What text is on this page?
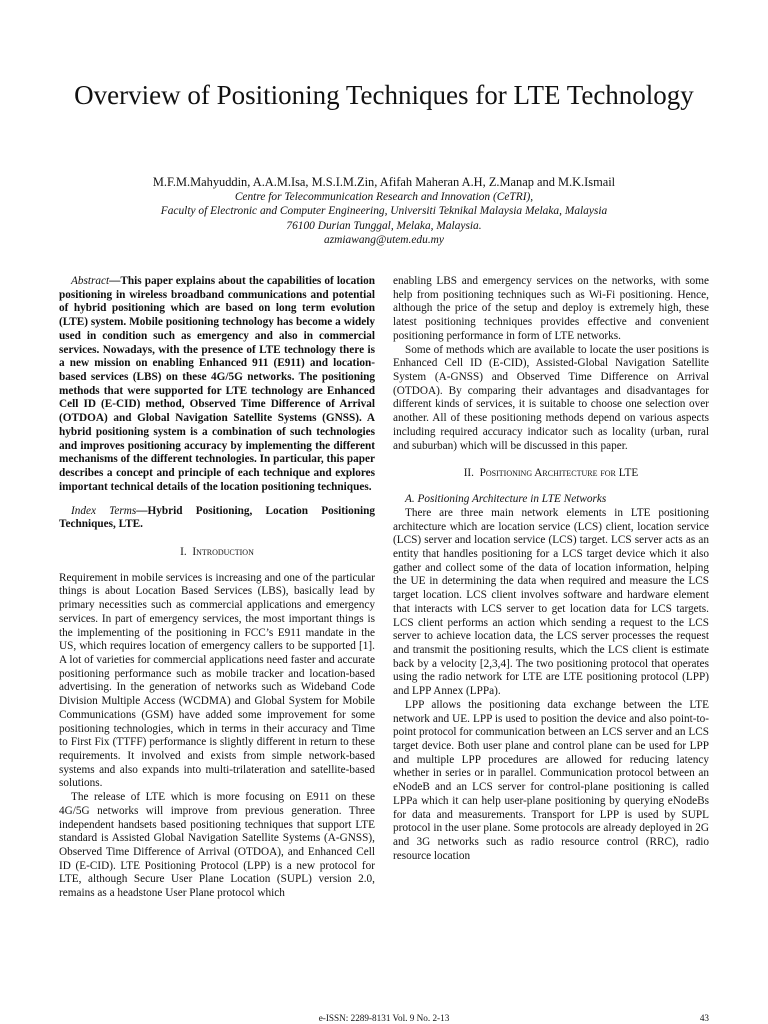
Overview of Positioning Techniques for LTE Technology
M.F.M.Mahyuddin, A.A.M.Isa, M.S.I.M.Zin, Afifah Maheran A.H, Z.Manap and M.K.Ismail
Centre for Telecommunication Research and Innovation (CeTRI),
Faculty of Electronic and Computer Engineering, Universiti Teknikal Malaysia Melaka, Malaysia
76100 Durian Tunggal, Melaka, Malaysia.
azmiawang@utem.edu.my

Abstract—This paper explains about the capabilities of location positioning in wireless broadband communications and potential of hybrid positioning which are based on long term evolution (LTE) system. Mobile positioning technology has become a widely used in condition such as emergency and also in commercial services. Nowadays, with the presence of LTE technology there is a new mission on enabling Enhanced 911 (E911) and location-based services (LBS) on these 4G/5G networks. The positioning methods that were supported for LTE technology are Enhanced Cell ID (E-CID) method, Observed Time Difference of Arrival (OTDOA) and Global Navigation Satellite Systems (GNSS). A hybrid positioning system is a combination of such technologies and improves positioning accuracy by implementing the different mechanisms of the different technologies. In particular, this paper describes a concept and principle of each technique and explores important technical details of the location positioning techniques.

Index Terms—Hybrid Positioning, Location Positioning Techniques, LTE.

I. Introduction

Requirement in mobile services is increasing and one of the particular things is about Location Based Services (LBS), basically lead by primary necessities such as commercial applications and emergency services. In part of emergency services, the most important things is the implementing of the positioning in FCC’s E911 mandate in the US, which requires location of emergency callers to be supported [1]. A lot of varieties for commercial applications need faster and accurate positioning performance such as mobile tracker and location-based advertising. In the generation of networks such as Wideband Code Division Multiple Access (WCDMA) and Global System for Mobile Communications (GSM) have added some improvement for some positioning technologies, which in terms in their accuracy and Time to First Fix (TTFF) performance is slightly different in return to these requirements. It involved and exists from simple network-based systems and also expands into multi-trilateration and satellite-based solutions.

The release of LTE which is more focusing on E911 on these 4G/5G networks will improve from previous generation. Three independent handsets based positioning techniques that support LTE standard is Assisted Global Navigation Satellite Systems (A-GNSS), Observed Time Difference of Arrival (OTDOA), and Enhanced Cell ID (E-CID). LTE Positioning Protocol (LPP) is a new protocol for LTE, although Secure User Plane Location (SUPL) version 2.0, remains as a headstone User Plane protocol which

enabling LBS and emergency services on the networks, with some help from positioning techniques such as Wi-Fi positioning. Hence, although the price of the setup and deploy is extremely high, these latest positioning techniques provides effective and convenient positioning performance in form of LTE networks.

Some of methods which are available to locate the user positions is Enhanced Cell ID (E-CID), Assisted-Global Navigation Satellite System (A-GNSS) and Observed Time Difference on Arrival (OTDOA). By comparing their advantages and disadvantages for different kinds of services, it is suitable to choose one selection over another. All of these positioning methods depend on various aspects including required accuracy indicator such as locality (urban, rural and suburban) which will be discussed in this paper.

II. Positioning Architecture for LTE

A. Positioning Architecture in LTE Networks

There are three main network elements in LTE positioning architecture which are location service (LCS) client, location service (LCS) server and location service (LCS) target. LCS server acts as an entity that handles positioning for a LCS target device which it also gather and collect some of the data of location information, helping the UE in determining the data when required and measure the LCS target location. LCS client involves software and hardware element that interacts with LCS server to get location data for LCS targets. LCS client performs an action which sending a request to the LCS server to achieve location data, the LCS server processes the request and transmit the positioning results, which the LCS client is estimate back by a velocity [2,3,4]. The two positioning protocol that operates using the radio network for LTE are LTE positioning protocol (LPP) and LPP Annex (LPPa).

LPP allows the positioning data exchange between the LTE network and UE. LPP is used to position the device and also point-to-point protocol for communication between an LCS server and an LCS target device. Both user plane and control plane can be used for LPP and multiple LPP procedures are allowed for reducing latency whether in series or in parallel. Communication protocol between an eNodeB and an LCS server for control-plane positioning is called LPPa which it can help user-plane positioning by querying eNodeBs for data and measurements. Transport for LPP is used by SUPL protocol in the user plane. Some protocols are already deployed in 2G and 3G networks such as radio resource control (RRC), radio resource location

e-ISSN: 2289-8131 Vol. 9 No. 2-13	43
